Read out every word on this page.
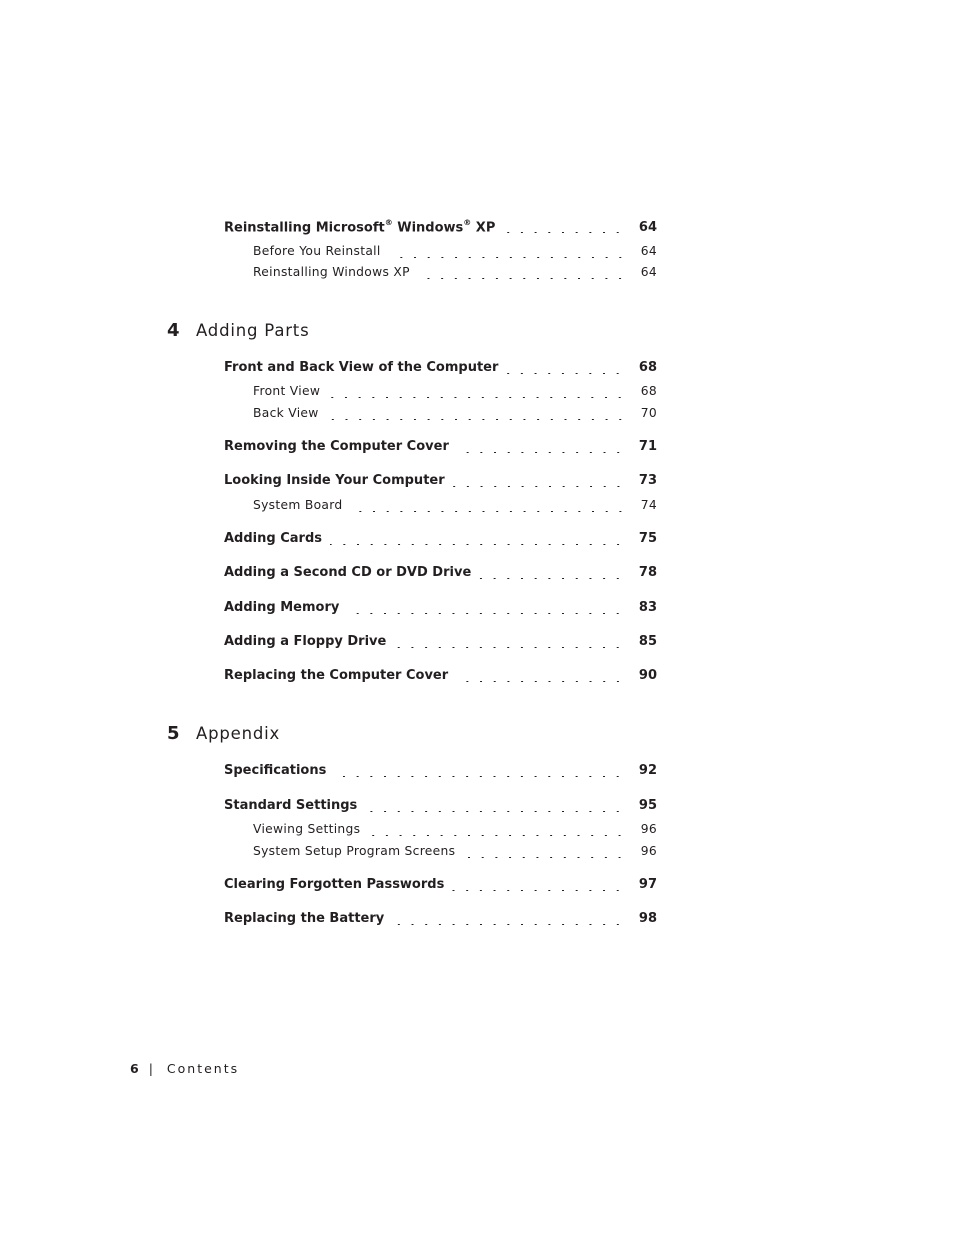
Reinstalling Microsoft® Windows® XP	64
Before You Reinstall	64
Reinstalling Windows XP	64
4 Adding Parts
Front and Back View of the Computer	68
Front View	68
Back View	70
Removing the Computer Cover	71
Looking Inside Your Computer	73
System Board	74
Adding Cards	75
Adding a Second CD or DVD Drive	78
Adding Memory	83
Adding a Floppy Drive	85
Replacing the Computer Cover	90
5 Appendix
Specifications	92
Standard Settings	95
Viewing Settings	96
System Setup Program Screens	96
Clearing Forgotten Passwords	97
Replacing the Battery	98
6 | Contents
